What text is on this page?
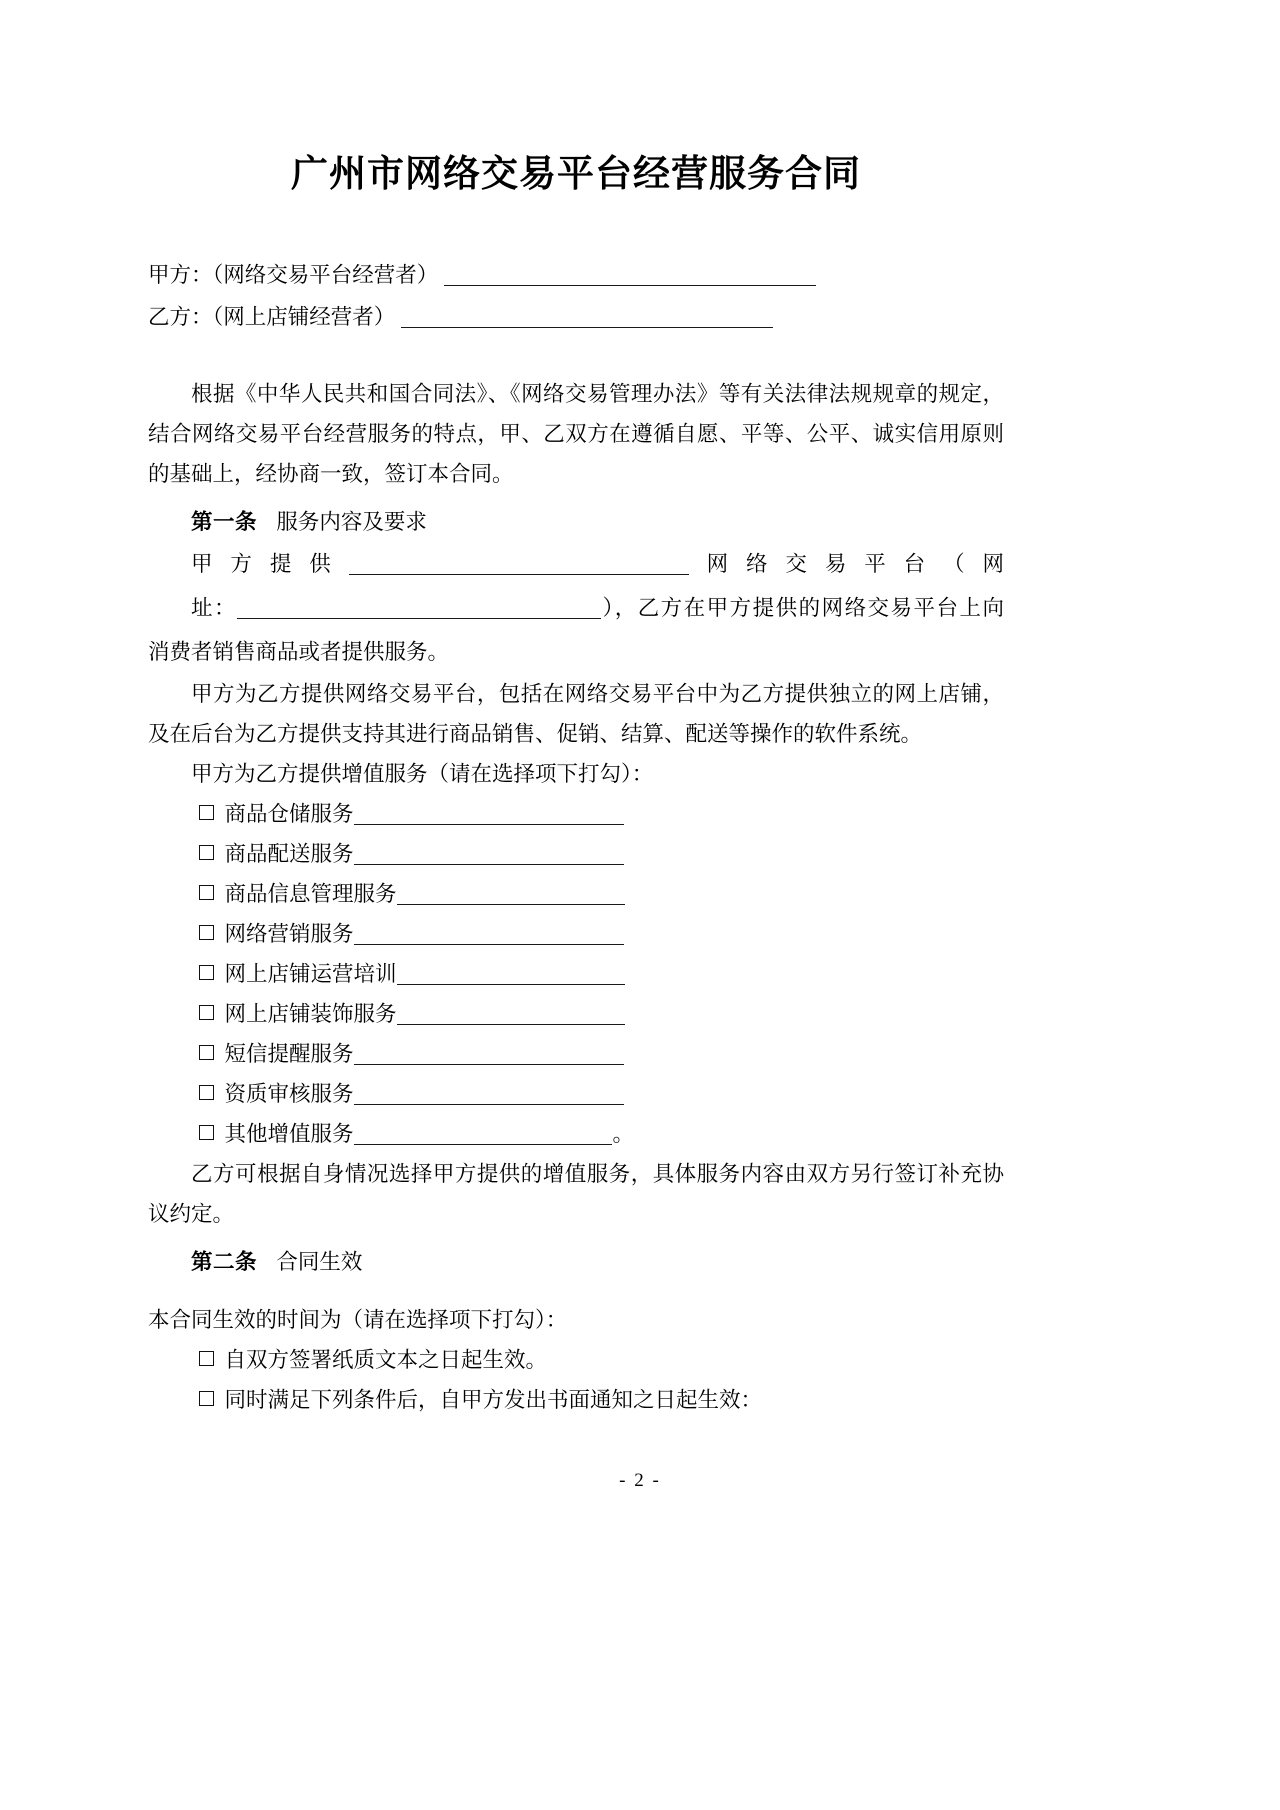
广州市网络交易平台经营服务合同
甲方：（网络交易平台经营者）
乙方：（网上店铺经营者）

根据《中华人民共和国合同法》、《网络交易管理办法》等有关法律法规规章的规定，结合网络交易平台经营服务的特点，甲、乙双方在遵循自愿、平等、公平、诚实信用原则的基础上，经协商一致，签订本合同。

第一条 服务内容及要求
甲方提供	网络交易平台（网
址：	），乙方在甲方提供的网络交易平台上向
消费者销售商品或者提供服务。

甲方为乙方提供网络交易平台，包括在网络交易平台中为乙方提供独立的网上店铺，及在后台为乙方提供支持其进行商品销售、促销、结算、配送等操作的软件系统。

甲方为乙方提供增值服务（请在选择项下打勾）：

商品仓储服务
商品配送服务
商品信息管理服务
网络营销服务
网上店铺运营培训
网上店铺装饰服务
短信提醒服务
资质审核服务
其他增值服务	。

乙方可根据自身情况选择甲方提供的增值服务，具体服务内容由双方另行签订补充协议约定。

第二条 合同生效

本合同生效的时间为（请在选择项下打勾）：

自双方签署纸质文本之日起生效。
同时满足下列条件后，自甲方发出书面通知之日起生效：
- 2 -
